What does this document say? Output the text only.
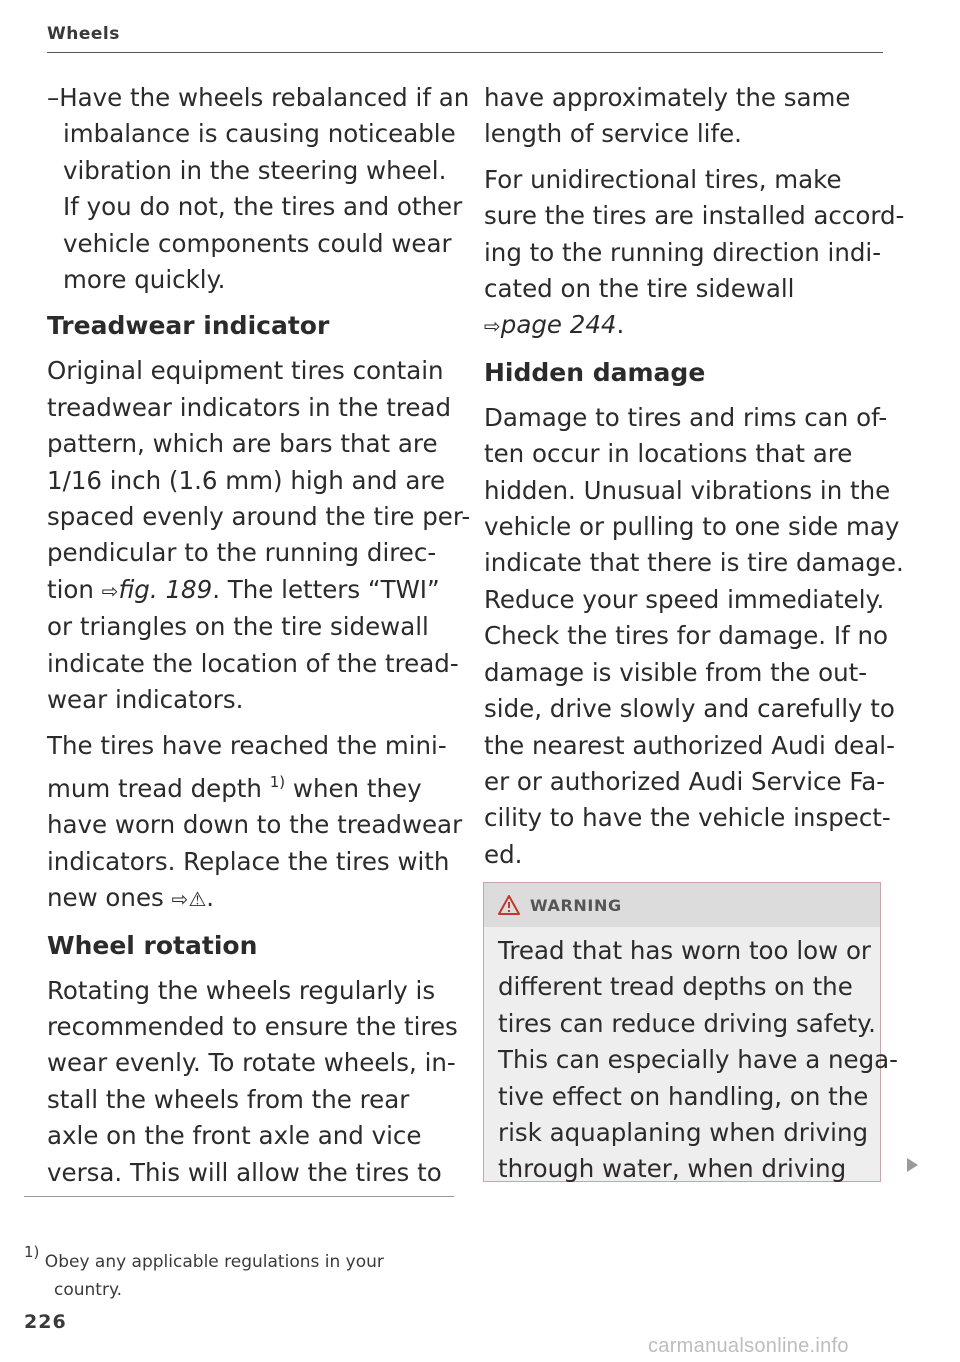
Wheels
–Have the wheels rebalanced if an
imbalance is causing noticeable
vibration in the steering wheel.
If you do not, the tires and other
vehicle components could wear
more quickly.
Treadwear indicator
Original equipment tires contain
treadwear indicators in the tread
pattern, which are bars that are
1/16 inch (1.6 mm) high and are
spaced evenly around the tire per-
pendicular to the running direc-
tion ⇨fig. 189. The letters “TWI”
or triangles on the tire sidewall
indicate the location of the tread-
wear indicators.
The tires have reached the mini-
mum tread depth $^{1)}$ when they
have worn down to the treadwear
indicators. Replace the tires with
new ones ⇨⚠.
Wheel rotation
Rotating the wheels regularly is
recommended to ensure the tires
wear evenly. To rotate wheels, in-
stall the wheels from the rear
axle on the front axle and vice
versa. This will allow the tires to
have approximately the same
length of service life.
For unidirectional tires, make
sure the tires are installed accord-
ing to the running direction indi-
cated on the tire sidewall
⇨page 244.
Hidden damage
Damage to tires and rims can of-
ten occur in locations that are
hidden. Unusual vibrations in the
vehicle or pulling to one side may
indicate that there is tire damage.
Reduce your speed immediately.
Check the tires for damage. If no
damage is visible from the out-
side, drive slowly and carefully to
the nearest authorized Audi deal-
er or authorized Audi Service Fa-
cility to have the vehicle inspect-
ed.
WARNING
Tread that has worn too low or
different tread depths on the
tires can reduce driving safety.
This can especially have a nega-
tive effect on handling, on the
risk aquaplaning when driving
through water, when driving
$^{1)}$ Obey any applicable regulations in your
country.
226
carmanualsonline.info
